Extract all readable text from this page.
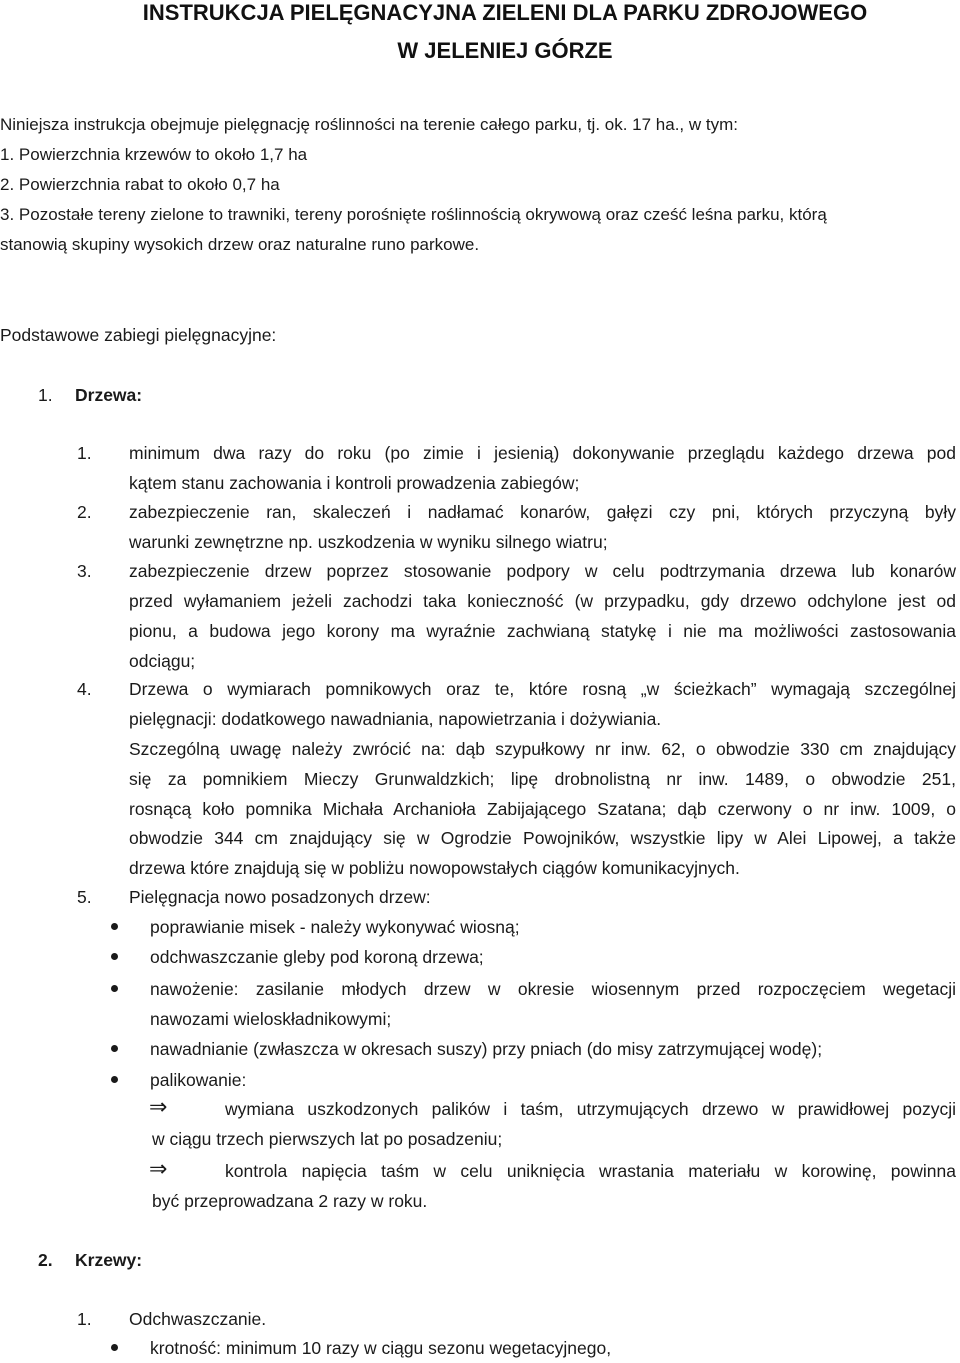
INSTRUKCJA PIELĘGNACYJNA ZIELENI DLA PARKU ZDROJOWEGO
W JELENIEJ GÓRZE
Niniejsza instrukcja obejmuje pielęgnację roślinności na terenie całego parku, tj. ok. 17 ha., w tym:
1. Powierzchnia krzewów to około 1,7 ha
2. Powierzchnia rabat to około 0,7 ha
3. Pozostałe tereny zielone to trawniki, tereny porośnięte roślinnością okrywową oraz cześć leśna parku, którą
stanowią skupiny wysokich drzew oraz naturalne runo parkowe.
Podstawowe zabiegi pielęgnacyjne:
1. Drzewa:
1. minimum dwa razy do roku (po zimie i jesienią) dokonywanie przeglądu każdego drzewa pod
kątem stanu zachowania i kontroli prowadzenia zabiegów;
2. zabezpieczenie ran, skaleczeń i nadłamać konarów, gałęzi czy pni, których przyczyną były
warunki zewnętrzne np. uszkodzenia w wyniku silnego wiatru;
3. zabezpieczenie drzew poprzez stosowanie podpory w celu podtrzymania drzewa lub konarów
przed wyłamaniem jeżeli zachodzi taka konieczność (w przypadku, gdy drzewo odchylone jest od
pionu, a budowa jego korony ma wyraźnie zachwianą statykę i nie ma możliwości zastosowania
odciągu;
4. Drzewa o wymiarach pomnikowych oraz te, które rosną „w ścieżkach” wymagają szczególnej
pielęgnacji: dodatkowego nawadniania, napowietrzania i dożywiania.
Szczególną uwagę należy zwrócić na: dąb szypułkowy nr inw. 62, o obwodzie 330 cm znajdujący
się za pomnikiem Mieczy Grunwaldzkich; lipę drobnolistną nr inw. 1489, o obwodzie 251,
rosnącą koło pomnika Michała Archanioła Zabijającego Szatana; dąb czerwony o nr inw. 1009, o
obwodzie 344 cm znajdujący się w Ogrodzie Powojników, wszystkie lipy w Alei Lipowej, a także
drzewa które znajdują się w pobliżu nowopowstałych ciągów komunikacyjnych.
5. Pielęgnacja nowo posadzonych drzew:
poprawianie misek - należy wykonywać wiosną;
odchwaszczanie gleby pod koroną drzewa;
nawożenie: zasilanie młodych drzew w okresie wiosennym przed rozpoczęciem wegetacji
nawozami wieloskładnikowymi;
nawadnianie (zwłaszcza w okresach suszy) przy pniach (do misy zatrzymującej wodę);
palikowanie:
⇒	wymiana uszkodzonych palików i taśm, utrzymujących drzewo w prawidłowej pozycji
w ciągu trzech pierwszych lat po posadzeniu;
⇒	kontrola napięcia taśm w celu uniknięcia wrastania materiału w korowinę, powinna
być przeprowadzana 2 razy w roku.
2. Krzewy:
1. Odchwaszczanie.
krotność: minimum 10 razy w ciągu sezonu wegetacyjnego,
